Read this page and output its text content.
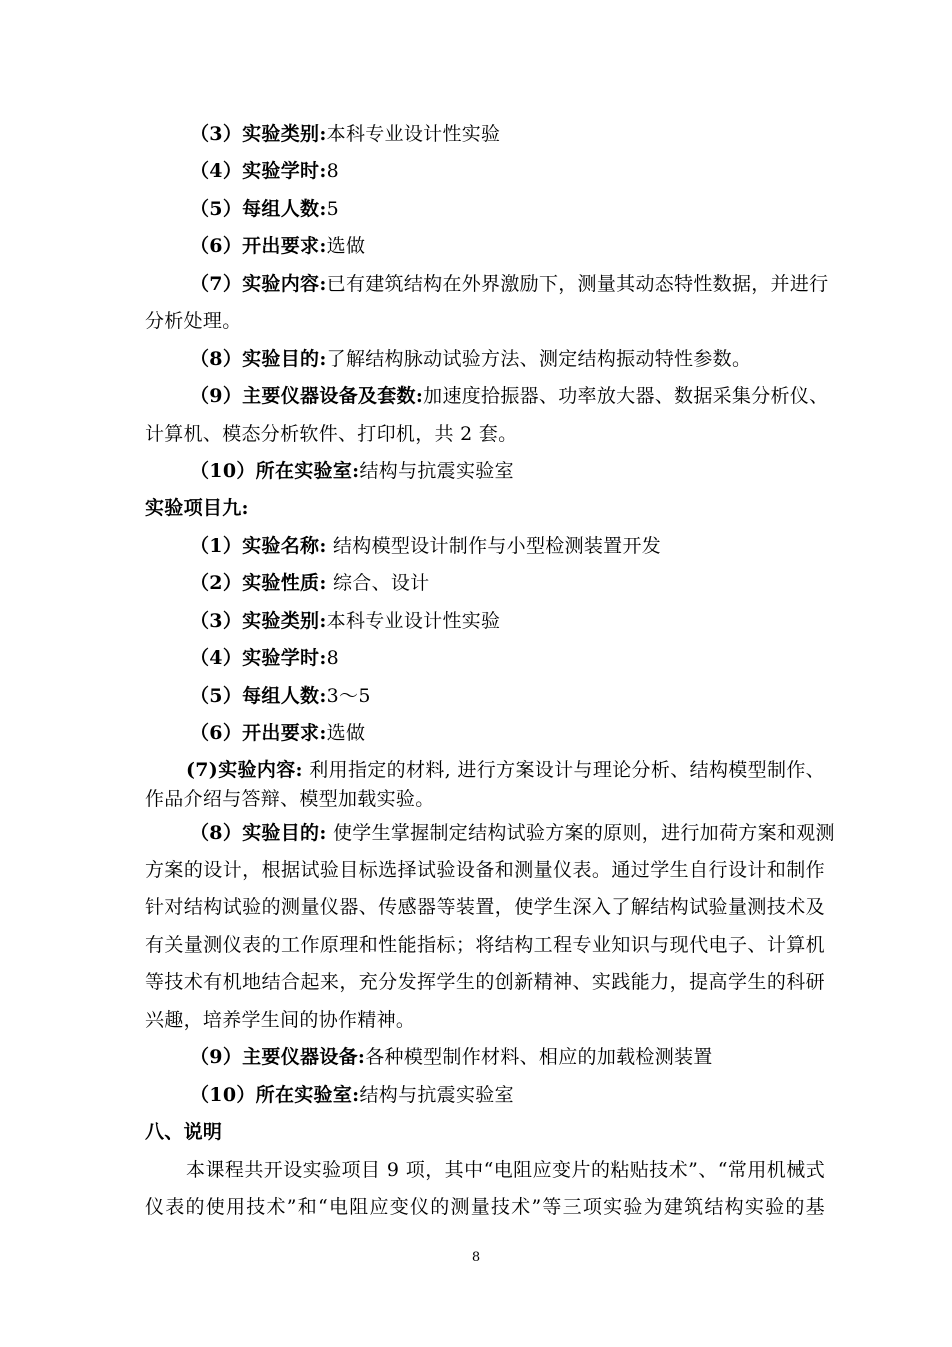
（3）实验类别:本科专业设计性实验
（4）实验学时:8
（5）每组人数:5
（6）开出要求:选做
（7）实验内容:已有建筑结构在外界激励下，测量其动态特性数据，并进行
分析处理。
（8）实验目的:了解结构脉动试验方法、测定结构振动特性参数。
（9）主要仪器设备及套数:加速度拾振器、功率放大器、数据采集分析仪、
计算机、模态分析软件、打印机，共 2 套。
（10）所在实验室:结构与抗震实验室
实验项目九:
（1）实验名称: 结构模型设计制作与小型检测装置开发
（2）实验性质: 综合、设计
（3）实验类别:本科专业设计性实验
（4）实验学时:8
（5）每组人数:3～5
（6）开出要求:选做
(7)实验内容: 利用指定的材料, 进行方案设计与理论分析、结构模型制作、
作品介绍与答辩、模型加载实验。
（8）实验目的: 使学生掌握制定结构试验方案的原则，进行加荷方案和观测
方案的设计，根据试验目标选择试验设备和测量仪表。通过学生自行设计和制作
针对结构试验的测量仪器、传感器等装置，使学生深入了解结构试验量测技术及
有关量测仪表的工作原理和性能指标；将结构工程专业知识与现代电子、计算机
等技术有机地结合起来，充分发挥学生的创新精神、实践能力，提高学生的科研
兴趣，培养学生间的协作精神。
（9）主要仪器设备:各种模型制作材料、相应的加载检测装置
（10）所在实验室:结构与抗震实验室
八、说明
本课程共开设实验项目 9 项，其中“电阻应变片的粘贴技术”、“常用机械式
仪表的使用技术”和“电阻应变仪的测量技术”等三项实验为建筑结构实验的基
8
